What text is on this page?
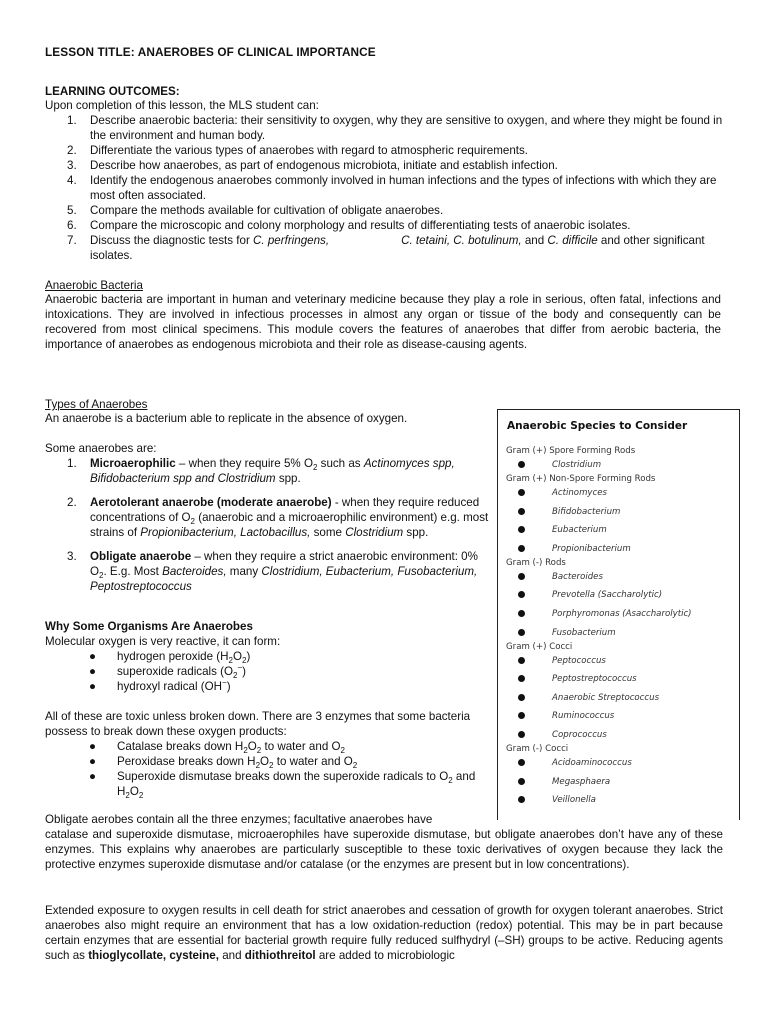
LESSON TITLE: ANAEROBES OF CLINICAL IMPORTANCE
LEARNING OUTCOMES:
Upon completion of this lesson, the MLS student can:
1. Describe anaerobic bacteria: their sensitivity to oxygen, why they are sensitive to oxygen, and where they might be found in the environment and human body.
2. Differentiate the various types of anaerobes with regard to atmospheric requirements.
3. Describe how anaerobes, as part of endogenous microbiota, initiate and establish infection.
4. Identify the endogenous anaerobes commonly involved in human infections and the types of infections with which they are most often associated.
5. Compare the methods available for cultivation of obligate anaerobes.
6. Compare the microscopic and colony morphology and results of differentiating tests of anaerobic isolates.
7. Discuss the diagnostic tests for C. perfringens,	C. tetaini, C. botulinum, and C. difficile and other significant isolates.
Anaerobic Bacteria
Anaerobic bacteria are important in human and veterinary medicine because they play a role in serious, often fatal, infections and intoxications. They are involved in infectious processes in almost any organ or tissue of the body and consequently can be recovered from most clinical specimens. This module covers the features of anaerobes that differ from aerobic bacteria, the importance of anaerobes as endogenous microbiota and their role as disease-causing agents.
Types of Anaerobes
An anaerobe is a bacterium able to replicate in the absence of oxygen.
Some anaerobes are:
1. Microaerophilic – when they require 5% $O_2$ such as Actinomyces spp, Bifidobacterium spp and Clostridium spp.
2. Aerotolerant anaerobe (moderate anaerobe) - when they require reduced concentrations of $O_2$ (anaerobic and a microaerophilic environment) e.g. most strains of Propionibacterium, Lactobacillus, some Clostridium spp.
3. Obligate anaerobe – when they require a strict anaerobic environment: 0% $O_2$. E.g. Most Bacteroides, many Clostridium, Eubacterium, Fusobacterium, Peptostreptococcus
Why Some Organisms Are Anaerobes
Molecular oxygen is very reactive, it can form:
● hydrogen peroxide $(H_2O_2)$
● superoxide radicals $(O_2^-)$
● hydroxyl radical (OH−)
All of these are toxic unless broken down. There are 3 enzymes that some bacteria possess to break down these oxygen products:
● Catalase breaks down $H_2O_2$ to water and $O_2$
● Peroxidase breaks down $H_2O_2$ to water and $O_2$
● Superoxide dismutase breaks down the superoxide radicals to $O_2$ and $H_2O_2$
Obligate aerobes contain all the three enzymes; facultative anaerobes have
catalase and superoxide dismutase, microaerophiles have superoxide dismutase, but obligate anaerobes don’t have any of these enzymes. This explains why anaerobes are particularly susceptible to these toxic derivatives of oxygen because they lack the protective enzymes superoxide dismutase and/or catalase (or the enzymes are present but in low concentrations).
Extended exposure to oxygen results in cell death for strict anaerobes and cessation of growth for oxygen tolerant anaerobes. Strict anaerobes also might require an environment that has a low oxidation-reduction (redox) potential. This may be in part because certain enzymes that are essential for bacterial growth require fully reduced sulfhydryl (–SH) groups to be active. Reducing agents such as thioglycollate, cysteine, and dithiothreitol are added to microbiologic
Anaerobic Species to Consider
Gram (+) Spore Forming Rods
Clostridium
Gram (+) Non-Spore Forming Rods
Actinomyces
Bifidobacterium
Eubacterium
Propionibacterium
Gram (-) Rods
Bacteroides
Prevotella (Saccharolytic)
Porphyromonas (Asaccharolytic)
Fusobacterium
Gram (+) Cocci
Peptococcus
Peptostreptococcus
Anaerobic Streptococcus
Ruminococcus
Coprococcus
Gram (-) Cocci
Acidoaminococcus
Megasphaera
Veillonella
